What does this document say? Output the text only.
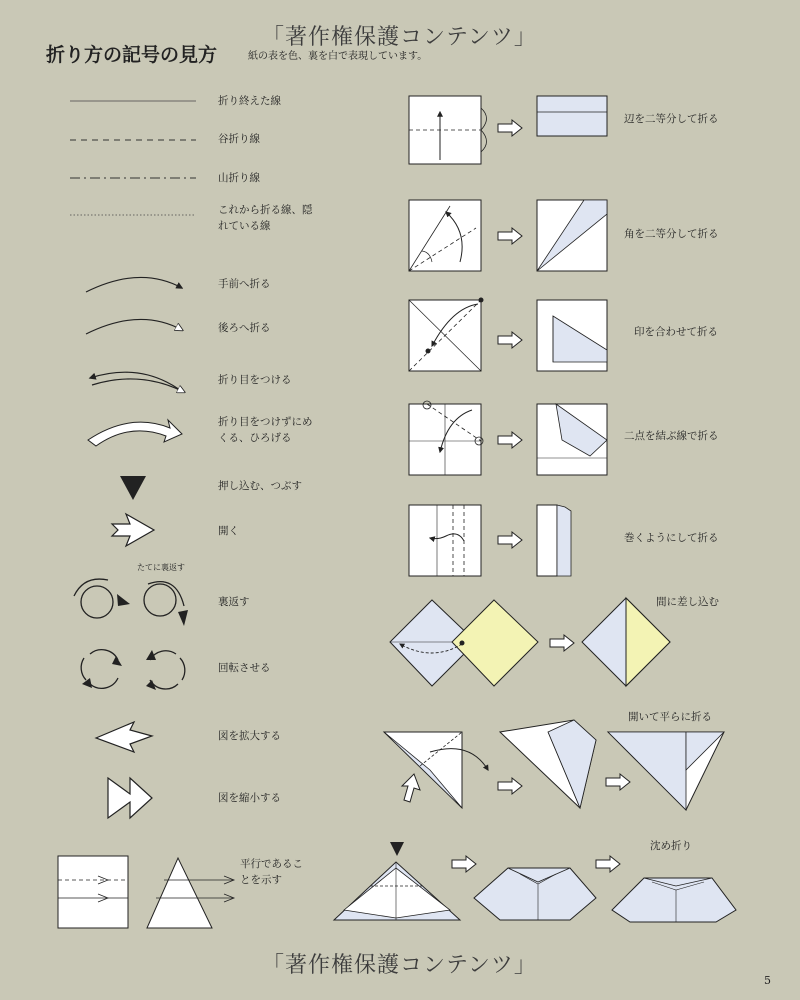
「著作権保護コンテンツ」
「著作権保護コンテンツ」
折り方の記号の見方	紙の表を色、裏を白で表現しています。
折り終えた線
谷折り線
山折り線
これから折る線、隠れている線
手前へ折る
後ろへ折る
折り目をつける
折り目をつけずにめくる、ひろげる
押し込む、つぶす
開く
たてに裏返す
裏返す
回転させる
図を拡大する
図を縮小する
平行であることを示す
辺を二等分して折る
角を二等分して折る
印を合わせて折る
二点を結ぶ線で折る
巻くようにして折る
間に差し込む
開いて平らに折る
沈め折り
5
